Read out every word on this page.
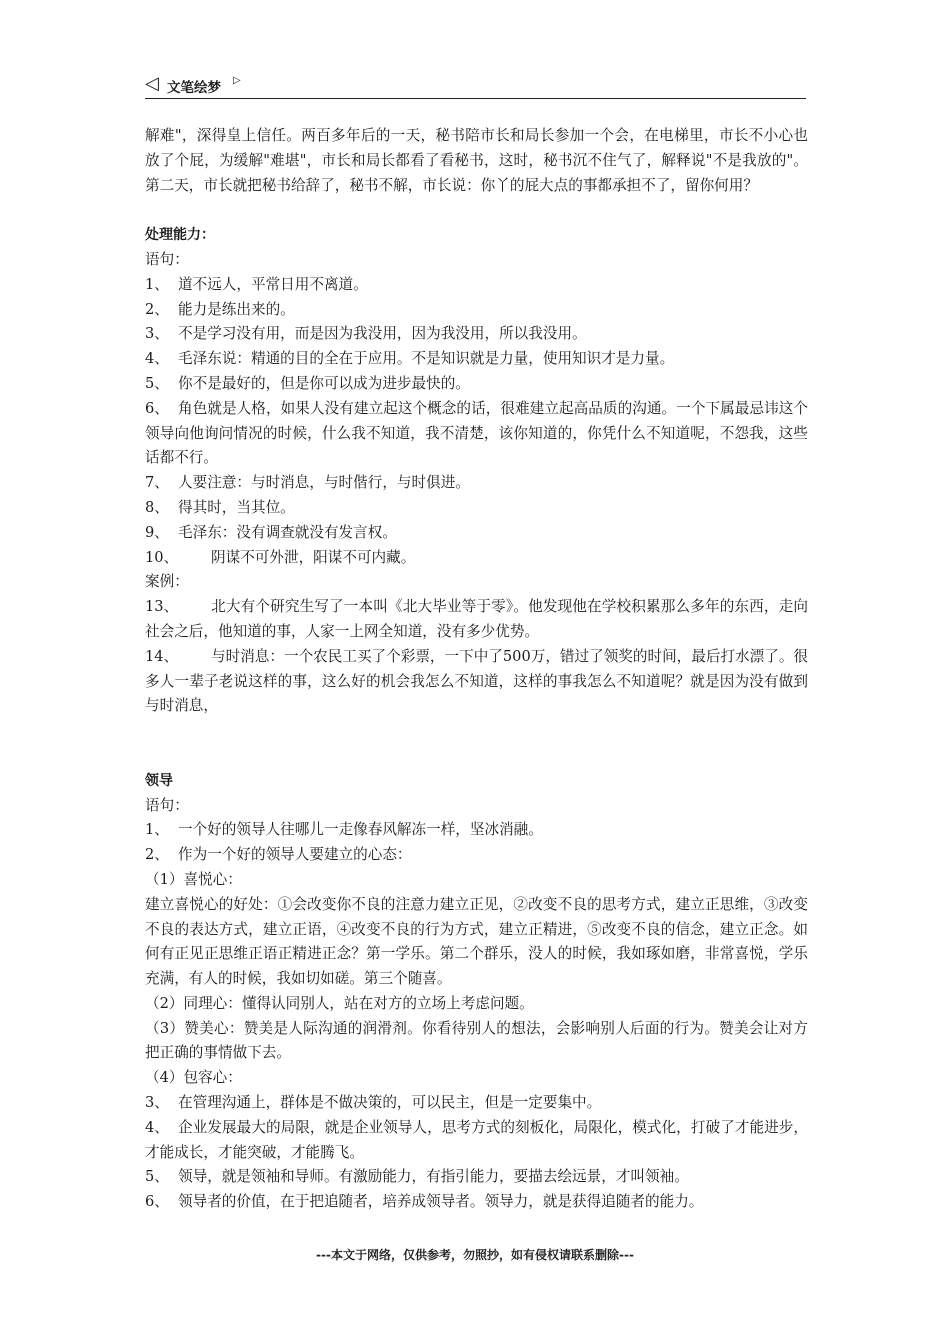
◁ 文笔绘梦 ▷

解难"，深得皇上信任。两百多年后的一天，秘书陪市长和局长参加一个会，在电梯里，市长不小心也放了个屁，为缓解"难堪"，市长和局长都看了看秘书，这时，秘书沉不住气了，解释说"不是我放的"。第二天，市长就把秘书给辞了，秘书不解，市长说：你丫的屁大点的事都承担不了，留你何用？

处理能力：

语句：

1、 道不远人，平常日用不离道。

2、 能力是练出来的。

3、 不是学习没有用，而是因为我没用，因为我没用，所以我没用。

4、 毛泽东说：精通的目的全在于应用。不是知识就是力量，使用知识才是力量。

5、 你不是最好的，但是你可以成为进步最快的。

6、 角色就是人格，如果人没有建立起这个概念的话，很难建立起高品质的沟通。一个下属最忌讳这个领导向他询问情况的时候，什么我不知道，我不清楚，该你知道的，你凭什么不知道呢，不怨我，这些话都不行。

7、 人要注意：与时消息，与时偕行，与时俱进。

8、 得其时，当其位。

9、 毛泽东：没有调查就没有发言权。

10、 阴谋不可外泄，阳谋不可内藏。

案例：

13、 北大有个研究生写了一本叫《北大毕业等于零》。他发现他在学校积累那么多年的东西，走向社会之后，他知道的事，人家一上网全知道，没有多少优势。

14、 与时消息：一个农民工买了个彩票，一下中了500万，错过了领奖的时间，最后打水漂了。很多人一辈子老说这样的事，这么好的机会我怎么不知道，这样的事我怎么不知道呢？就是因为没有做到与时消息，

领导

语句：

1、 一个好的领导人往哪儿一走像春风解冻一样，坚冰消融。

2、 作为一个好的领导人要建立的心态：

（1）喜悦心：

建立喜悦心的好处：①会改变你不良的注意力建立正见，②改变不良的思考方式，建立正思维，③改变不良的表达方式，建立正语，④改变不良的行为方式，建立正精进，⑤改变不良的信念，建立正念。如何有正见正思维正语正精进正念？第一学乐。第二个群乐，没人的时候，我如琢如磨，非常喜悦，学乐充满，有人的时候，我如切如磋。第三个随喜。

（2）同理心：懂得认同别人，站在对方的立场上考虑问题。

（3）赞美心：赞美是人际沟通的润滑剂。你看待别人的想法，会影响别人后面的行为。赞美会让对方把正确的事情做下去。

（4）包容心：

3、 在管理沟通上，群体是不做决策的，可以民主，但是一定要集中。

4、 企业发展最大的局限，就是企业领导人，思考方式的刻板化，局限化，模式化，打破了才能进步，才能成长，才能突破，才能腾飞。

5、 领导，就是领袖和导师。有激励能力，有指引能力，要描去绘远景，才叫领袖。

6、 领导者的价值，在于把追随者，培养成领导者。领导力，就是获得追随者的能力。

---本文于网络，仅供参考，勿照抄，如有侵权请联系删除---
